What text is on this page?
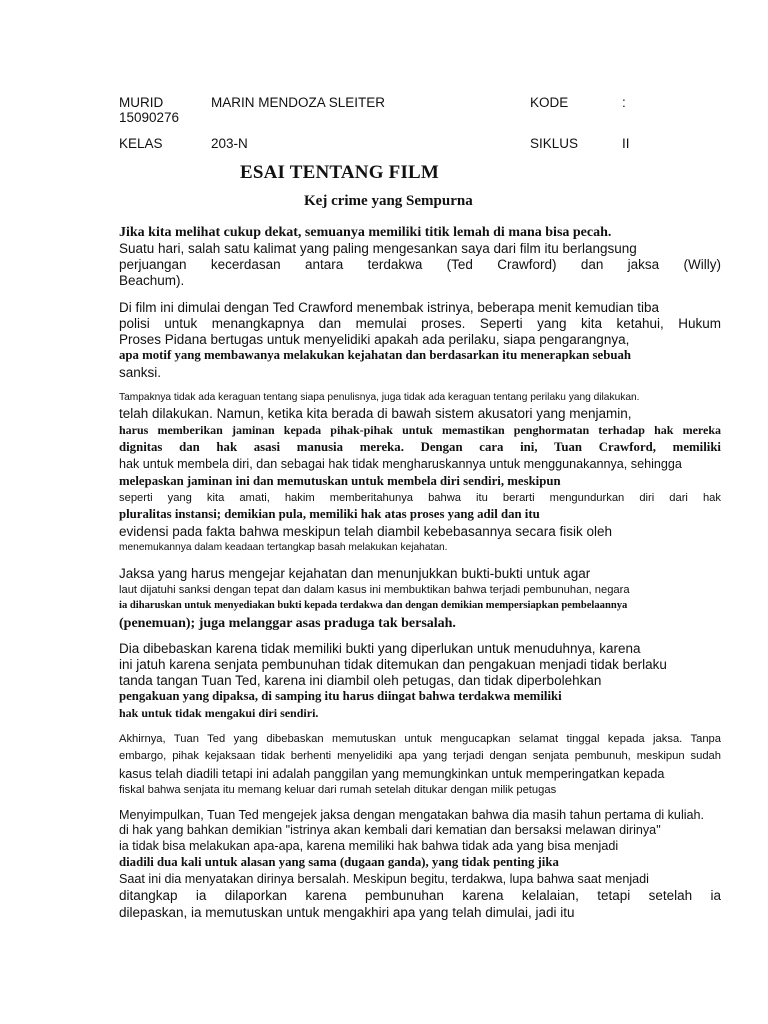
MURID	MARIN MENDOZA SLEITER	KODE	:
15090276
KELAS	203-N	SIKLUS	II
ESAI TENTANG FILM
Kej crime yang Sempurna
Jika kita melihat cukup dekat, semuanya memiliki titik lemah di mana bisa pecah.
Suatu hari, salah satu kalimat yang paling mengesankan saya dari film itu berlangsung
perjuangan kecerdasan antara terdakwa (Ted Crawford) dan jaksa (Willy)
Beachum).
Di film ini dimulai dengan Ted Crawford menembak istrinya, beberapa menit kemudian tiba
polisi untuk menangkapnya dan memulai proses. Seperti yang kita ketahui, Hukum
Proses Pidana bertugas untuk menyelidiki apakah ada perilaku, siapa pengarangnya,
apa motif yang membawanya melakukan kejahatan dan berdasarkan itu menerapkan sebuah
sanksi.
Tampaknya tidak ada keraguan tentang siapa penulisnya, juga tidak ada keraguan tentang perilaku yang dilakukan.
telah dilakukan. Namun, ketika kita berada di bawah sistem akusatori yang menjamin,
harus memberikan jaminan kepada pihak-pihak untuk memastikan penghormatan terhadap hak mereka
dignitas dan hak asasi manusia mereka. Dengan cara ini, Tuan Crawford, memiliki
hak untuk membela diri, dan sebagai hak tidak mengharuskannya untuk menggunakannya, sehingga
melepaskan jaminan ini dan memutuskan untuk membela diri sendiri, meskipun
seperti yang kita amati, hakim memberitahunya bahwa itu berarti mengundurkan diri dari hak
pluralitas instansi; demikian pula, memiliki hak atas proses yang adil dan itu
evidensi pada fakta bahwa meskipun telah diambil kebebasannya secara fisik oleh
menemukannya dalam keadaan tertangkap basah melakukan kejahatan.
Jaksa yang harus mengejar kejahatan dan menunjukkan bukti-bukti untuk agar
laut dijatuhi sanksi dengan tepat dan dalam kasus ini membuktikan bahwa terjadi pembunuhan, negara
ia diharuskan untuk menyediakan bukti kepada terdakwa dan dengan demikian mempersiapkan pembelaannya
(penemuan); juga melanggar asas praduga tak bersalah.
Dia dibebaskan karena tidak memiliki bukti yang diperlukan untuk menuduhnya, karena
ini jatuh karena senjata pembunuhan tidak ditemukan dan pengakuan menjadi tidak berlaku
tanda tangan Tuan Ted, karena ini diambil oleh petugas, dan tidak diperbolehkan
pengakuan yang dipaksa, di samping itu harus diingat bahwa terdakwa memiliki
hak untuk tidak mengakui diri sendiri.
Akhirnya, Tuan Ted yang dibebaskan memutuskan untuk mengucapkan selamat tinggal kepada jaksa. Tanpa
embargo, pihak kejaksaan tidak berhenti menyelidiki apa yang terjadi dengan senjata pembunuh, meskipun sudah
kasus telah diadili tetapi ini adalah panggilan yang memungkinkan untuk memperingatkan kepada
fiskal bahwa senjata itu memang keluar dari rumah setelah ditukar dengan milik petugas
Menyimpulkan, Tuan Ted mengejek jaksa dengan mengatakan bahwa dia masih tahun pertama di kuliah.
di hak yang bahkan demikian "istrinya akan kembali dari kematian dan bersaksi melawan dirinya"
ia tidak bisa melakukan apa-apa, karena memiliki hak bahwa tidak ada yang bisa menjadi
diadili dua kali untuk alasan yang sama (dugaan ganda), yang tidak penting jika
Saat ini dia menyatakan dirinya bersalah. Meskipun begitu, terdakwa, lupa bahwa saat menjadi
ditangkap ia dilaporkan karena pembunuhan karena kelalaian, tetapi setelah ia
dilepaskan, ia memutuskan untuk mengakhiri apa yang telah dimulai, jadi itu
